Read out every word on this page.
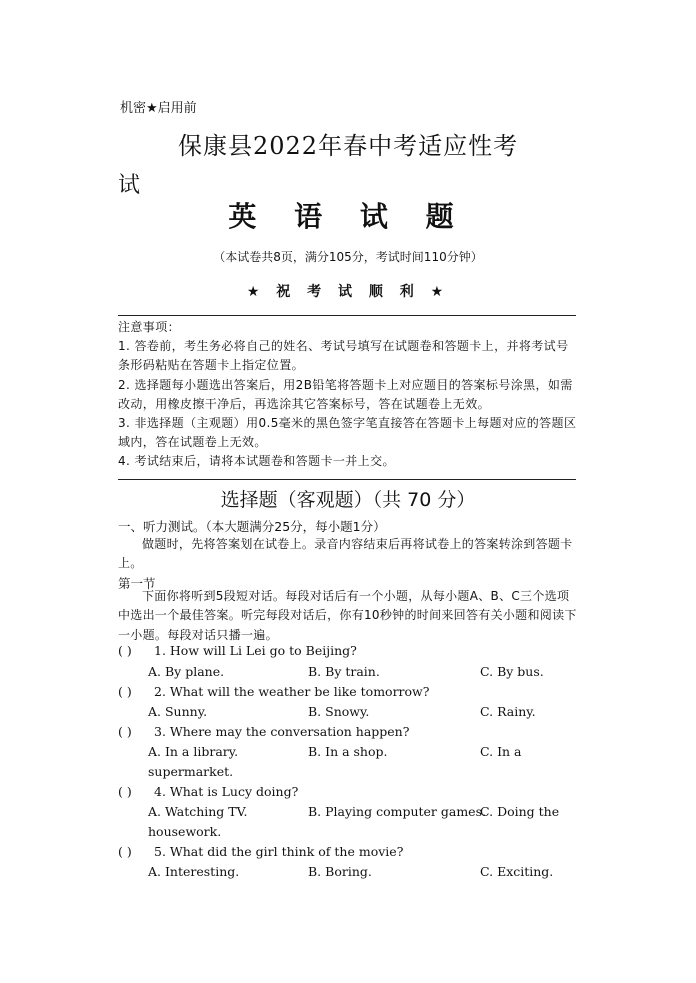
机密★启用前
保康县2022年春中考适应性考
试
英 语 试 题
（本试卷共8页，满分105分，考试时间110分钟）
★ 祝 考 试 顺 利 ★

注意事项：

1. 答卷前，考生务必将自己的姓名、考试号填写在试题卷和答题卡上，并将考试号条形码粘贴在答题卡上指定位置。

2. 选择题每小题选出答案后，用2B铅笔将答题卡上对应题目的答案标号涂黑，如需改动，用橡皮擦干净后，再选涂其它答案标号，答在试题卷上无效。

3. 非选择题（主观题）用0.5毫米的黑色签字笔直接答在答题卡上每题对应的答题区域内，答在试题卷上无效。

4. 考试结束后，请将本试题卷和答题卡一并上交。

选择题（客观题）（共 70 分）
一、听力测试。（本大题满分25分，每小题1分）
做题时，先将答案划在试卷上。录音内容结束后再将试卷上的答案转涂到答题卡上。
第一节
下面你将听到5段短对话。每段对话后有一个小题，从每小题A、B、C三个选项中选出一个最佳答案。听完每段对话后，你有10秒钟的时间来回答有关小题和阅读下一小题。每段对话只播一遍。
( ) 1. How will Li Lei go to Beijing?
A. By plane.	B. By train.	C. By bus.
( ) 2. What will the weather be like tomorrow?
A. Sunny.	B. Snowy.	C. Rainy.
( ) 3. Where may the conversation happen?
A. In a library.	B. In a shop.	C. In a
supermarket.
( ) 4. What is Lucy doing?
A. Watching TV.	B. Playing computer games.
C. Doing the
housework.
( ) 5. What did the girl think of the movie?
A. Interesting.	B. Boring.	C. Exciting.
